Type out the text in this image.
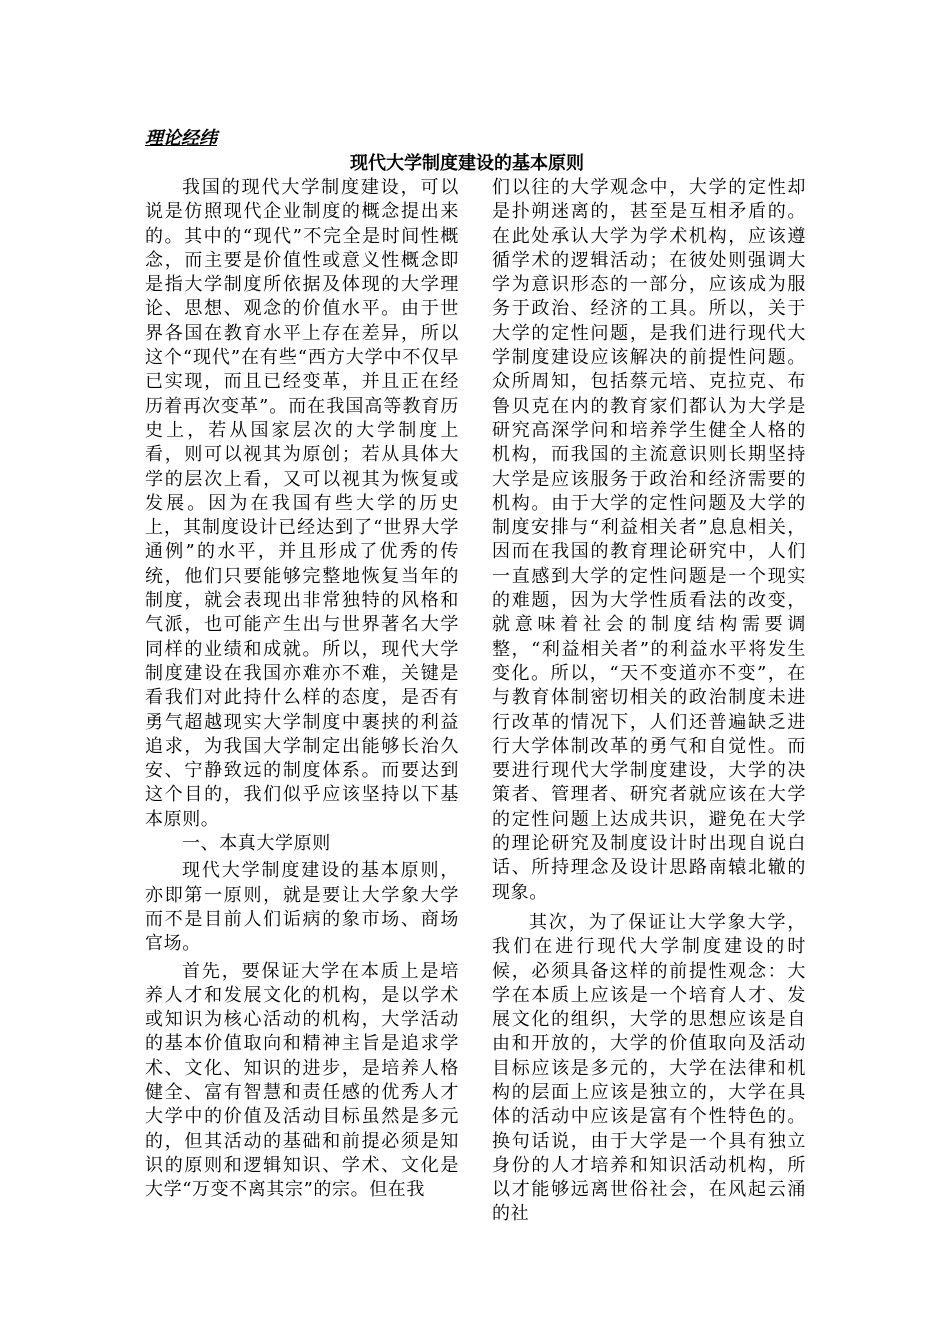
理论经纬
现代大学制度建设的基本原则

我国的现代大学制度建设，可以说是仿照现代企业制度的概念提出来的。其中的“现代”不完全是时间性概念，而主要是价值性或意义性概念即是指大学制度所依据及体现的大学理论、思想、观念的价值水平。由于世界各国在教育水平上存在差异，所以这个“现代”在有些“西方大学中不仅早已实现，而且已经变革，并且正在经历着再次变革”。而在我国高等教育历史上，若从国家层次的大学制度上看，则可以视其为原创；若从具体大学的层次上看，又可以视其为恢复或发展。因为在我国有些大学的历史上，其制度设计已经达到了“世界大学通例”的水平，并且形成了优秀的传统，他们只要能够完整地恢复当年的制度，就会表现出非常独特的风格和气派，也可能产生出与世界著名大学同样的业绩和成就。所以，现代大学制度建设在我国亦难亦不难，关键是看我们对此持什么样的态度，是否有勇气超越现实大学制度中裹挟的利益追求，为我国大学制定出能够长治久安、宁静致远的制度体系。而要达到这个目的，我们似乎应该坚持以下基本原则。

一、本真大学原则

现代大学制度建设的基本原则，亦即第一原则，就是要让大学象大学而不是目前人们诟病的象市场、商场官场。

首先，要保证大学在本质上是培养人才和发展文化的机构，是以学术或知识为核心活动的机构，大学活动的基本价值取向和精神主旨是追求学术、文化、知识的进步，是培养人格健全、富有智慧和责任感的优秀人才大学中的价值及活动目标虽然是多元的，但其活动的基础和前提必须是知识的原则和逻辑知识、学术、文化是大学“万变不离其宗”的宗。但在我

们以往的大学观念中，大学的定性却是扑朔迷离的，甚至是互相矛盾的。在此处承认大学为学术机构，应该遵循学术的逻辑活动；在彼处则强调大学为意识形态的一部分，应该成为服务于政治、经济的工具。所以，关于大学的定性问题，是我们进行现代大学制度建设应该解决的前提性问题。众所周知，包括蔡元培、克拉克、布鲁贝克在内的教育家们都认为大学是研究高深学问和培养学生健全人格的机构，而我国的主流意识则长期坚持大学是应该服务于政治和经济需要的机构。由于大学的定性问题及大学的制度安排与“利益相关者”息息相关，因而在我国的教育理论研究中，人们一直感到大学的定性问题是一个现实的难题，因为大学性质看法的改变，就意味着社会的制度结构需要调整，“利益相关者”的利益水平将发生变化。所以，“天不变道亦不变”，在与教育体制密切相关的政治制度未进行改革的情况下，人们还普遍缺乏进行大学体制改革的勇气和自觉性。而要进行现代大学制度建设，大学的决策者、管理者、研究者就应该在大学的定性问题上达成共识，避免在大学的理论研究及制度设计时出现自说白话、所持理念及设计思路南辕北辙的现象。

其次，为了保证让大学象大学，我们在进行现代大学制度建设的时候，必须具备这样的前提性观念：大学在本质上应该是一个培育人才、发展文化的组织，大学的思想应该是自由和开放的，大学的价值取向及活动目标应该是多元的，大学在法律和机构的层面上应该是独立的，大学在具体的活动中应该是富有个性特色的。换句话说，由于大学是一个具有独立身份的人才培养和知识活动机构，所以才能够远离世俗社会，在风起云涌的社
